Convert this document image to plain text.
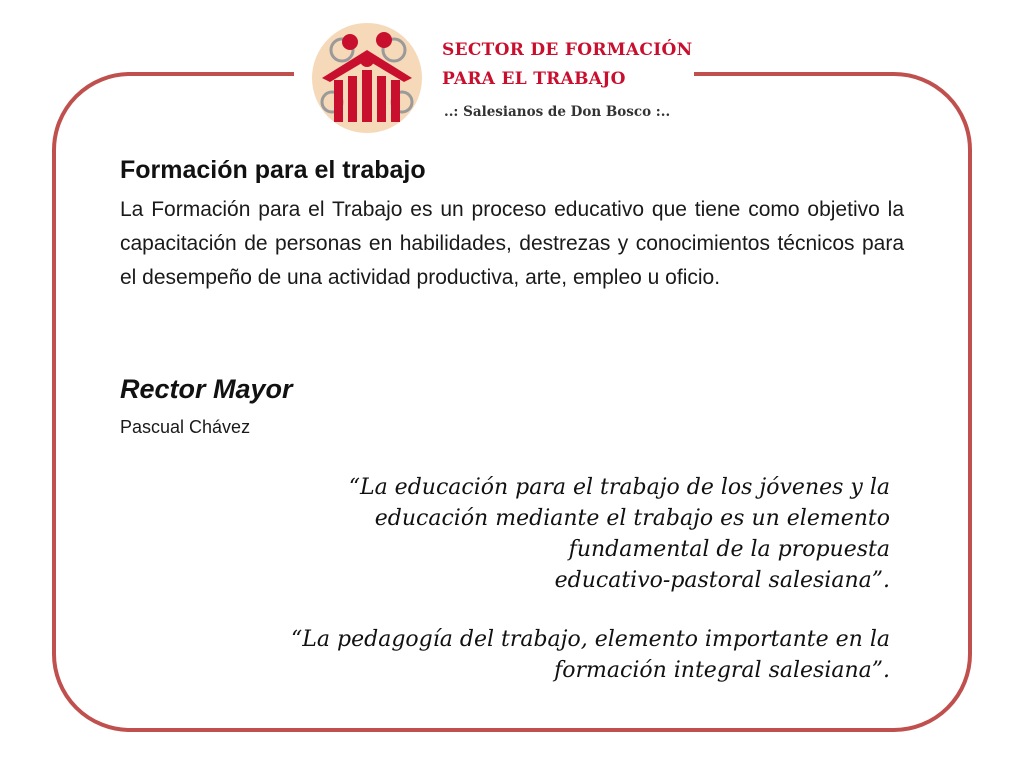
SECTOR DE FORMACIÓN
PARA EL TRABAJO
..: Salesianos de Don Bosco :..
Formación para el trabajo

La Formación para el Trabajo es un proceso educativo que tiene como objetivo la capacitación de personas en habilidades, destrezas y conocimientos técnicos para el desempeño de una actividad productiva, arte, empleo u oficio.

Rector Mayor
Pascual Chávez

“La educación para el trabajo de los jóvenes y la
educación mediante el trabajo es un elemento
fundamental de la propuesta
educativo-pastoral salesiana”.

“La pedagogía del trabajo, elemento importante en la
formación integral salesiana”.
